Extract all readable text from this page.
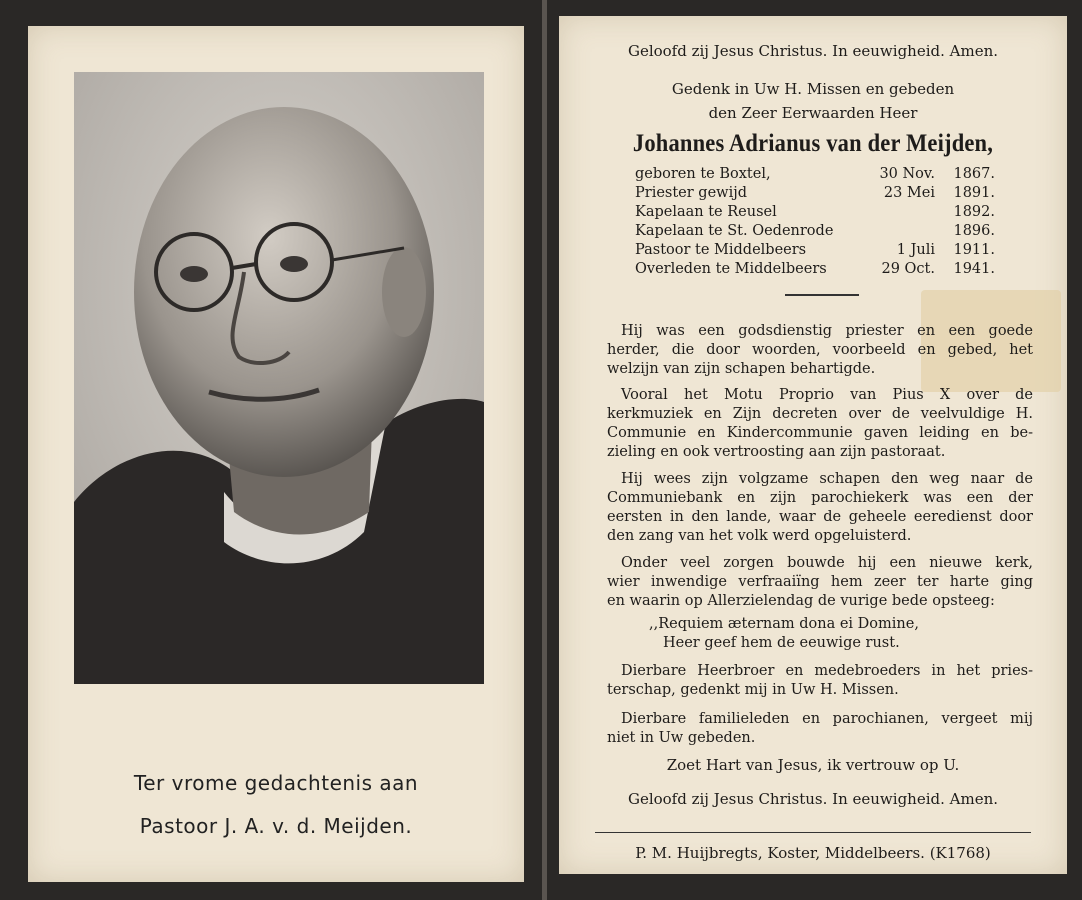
Ter vrome gedachtenis aan
Pastoor J. A. v. d. Meijden.
Geloofd zij Jesus Christus. In eeuwigheid. Amen.
Gedenk in Uw H. Missen en gebeden
den Zeer Eerwaarden Heer
Johannes Adrianus van der Meijden,
geboren te Boxtel,	30 Nov.	1867.
Priester gewijd	23 Mei	1891.
Kapelaan te Reusel	1892.
Kapelaan te St. Oedenrode	1896.
Pastoor te Middelbeers	1 Juli	1911.
Overleden te Middelbeers	29 Oct.	1941.
Hij was een godsdienstig priester en een goede
herder, die door woorden, voorbeeld en gebed, het
welzijn van zijn schapen behartigde.
Vooral het Motu Proprio van Pius X over de
kerkmuziek en Zijn decreten over de veelvuldige H.
Communie en Kindercommunie gaven leiding en be-
zieling en ook vertroosting aan zijn pastoraat.
Hij wees zijn volgzame schapen den weg naar de
Communiebank en zijn parochiekerk was een der
eersten in den lande, waar de geheele eeredienst door
den zang van het volk werd opgeluisterd.
Onder veel zorgen bouwde hij een nieuwe kerk,
wier inwendige verfraaiïng hem zeer ter harte ging
en waarin op Allerzielendag de vurige bede opsteeg:
,,Requiem æternam dona ei Domine,
Heer geef hem de eeuwige rust.
Dierbare Heerbroer en medebroeders in het pries-
terschap, gedenkt mij in Uw H. Missen.
Dierbare familieleden en parochianen, vergeet mij
niet in Uw gebeden.
Zoet Hart van Jesus, ik vertrouw op U.
Geloofd zij Jesus Christus. In eeuwigheid. Amen.
P. M. Huijbregts, Koster, Middelbeers. (K1768)
